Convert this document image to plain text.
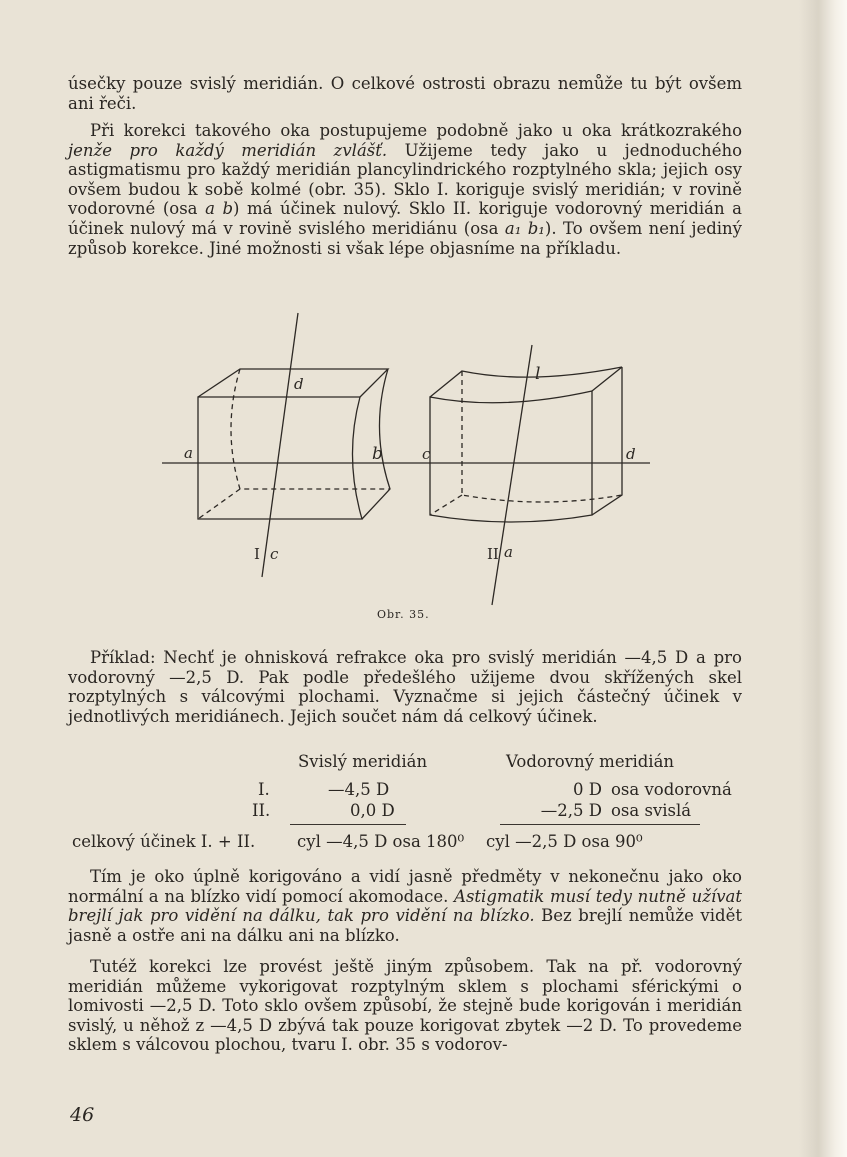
úsečky pouze svislý meridián. O celkové ostrosti obrazu nemůže tu být ovšem ani řeči.

Při korekci takového oka postupujeme podobně jako u oka krátkozrakého jenže pro každý meridián zvlášť. Užijeme tedy jako u jednoduchého astigmatismu pro každý meridián plancylindrického rozptylného skla; jejich osy ovšem budou k sobě kolmé (obr. 35). Sklo I. koriguje svislý meridián; v rovině vodorovné (osa a b) má účinek nulový. Sklo II. koriguje vodorovný meridián a účinek nulový má v rovině svislého meridiánu (osa a₁ b₁). To ovšem není jediný způsob korekce. Jiné možnosti si však lépe objasníme na příkladu.

d
a	b	c	d
l
I c	II a
Obr. 35.

Příklad: Nechť je ohnisková refrakce oka pro svislý meridián —4,5 D a pro vodorovný —2,5 D. Pak podle předešlého užijeme dvou skřížených skel rozptylných s válcovými plochami. Vyznačme si jejich částečný účinek v jednotlivých meridiánech. Jejich součet nám dá celkový účinek.

Svislý meridián	Vodorovný meridián
I.	—4,5 D	0 D osa vodorovná
II.	0,0 D	—2,5 D osa svislá
celkový účinek I. + II.	cyl —4,5 D osa 180⁰ cyl —2,5 D osa 90⁰

Tím je oko úplně korigováno a vidí jasně předměty v nekonečnu jako oko normální a na blízko vidí pomocí akomodace. Astigmatik musí tedy nutně užívat brejlí jak pro vidění na dálku, tak pro vidění na blízko. Bez brejlí nemůže vidět jasně a ostře ani na dálku ani na blízko.

Tutéž korekci lze provést ještě jiným způsobem. Tak na př. vodorovný meridián můžeme vykorigovat rozptylným sklem s plochami sférickými o lomivosti —2,5 D. Toto sklo ovšem způsobí, že stejně bude korigován i meridián svislý, u něhož z —4,5 D zbývá tak pouze korigovat zbytek —2 D. To provedeme sklem s válcovou plochou, tvaru I. obr. 35 s vodorov-

46
